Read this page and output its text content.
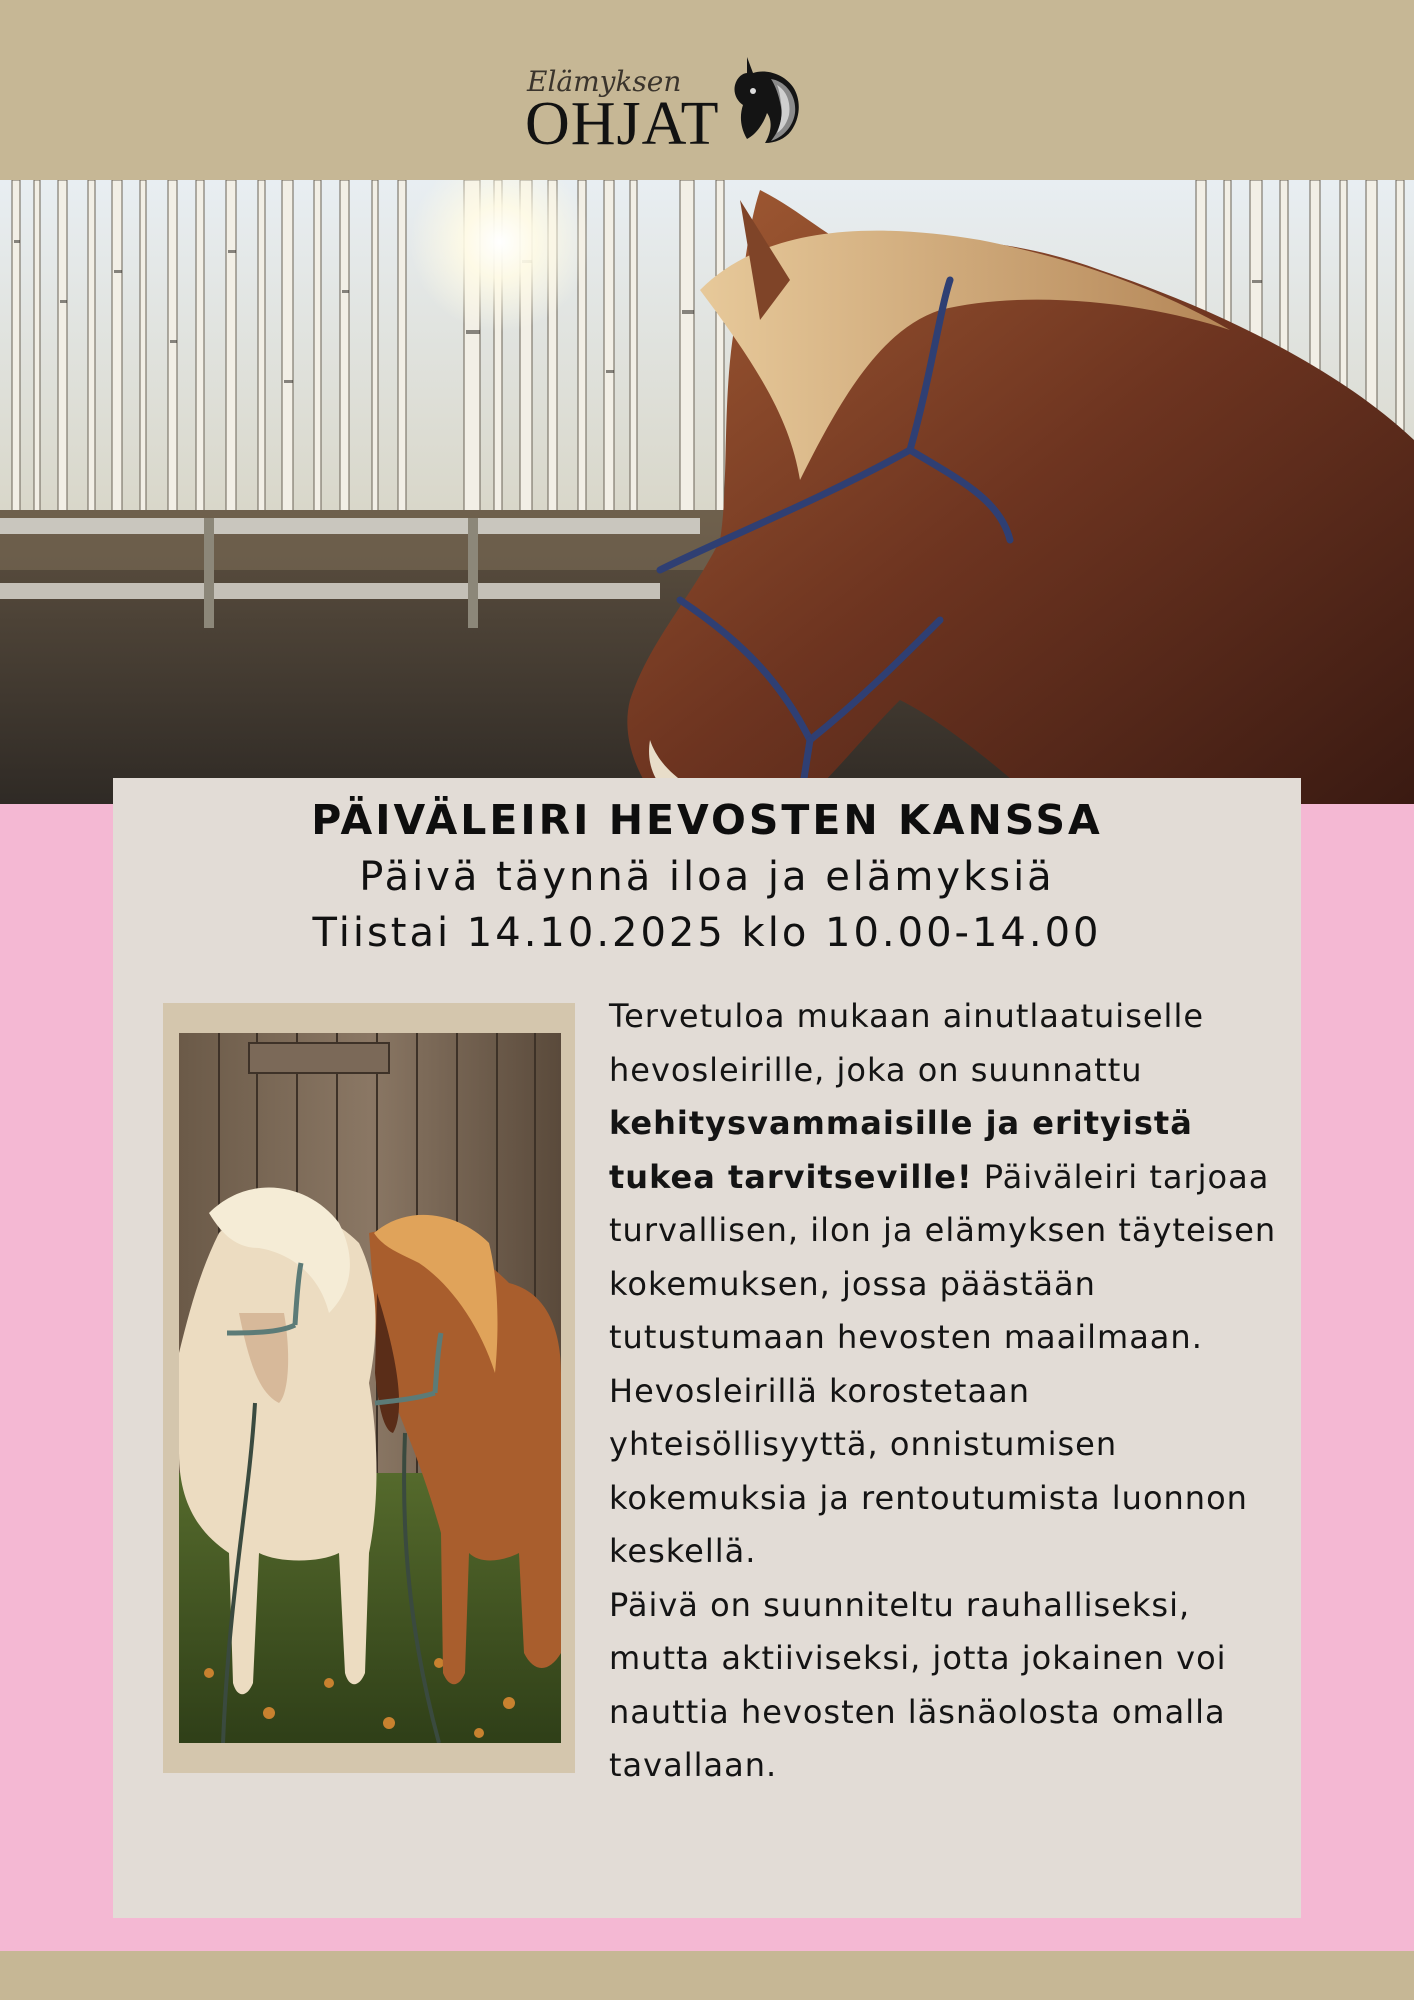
Elämyksen
OHJAT
PÄIVÄLEIRI HEVOSTEN KANSSA
Päivä täynnä iloa ja elämyksiä
Tiistai 14.10.2025 klo 10.00-14.00

Tervetuloa mukaan ainutlaatuiselle hevosleirille, joka on suunnattu kehitysvammaisille ja erityistä tukea tarvitseville! Päiväleiri tarjoaa turvallisen, ilon ja elämyksen täyteisen kokemuksen, jossa päästään tutustumaan hevosten maailmaan.

Hevosleirillä korostetaan yhteisöllisyyttä, onnistumisen kokemuksia ja rentoutumista luonnon keskellä.

Päivä on suunniteltu rauhalliseksi, mutta aktiiviseksi, jotta jokainen voi nauttia hevosten läsnäolosta omalla tavallaan.
